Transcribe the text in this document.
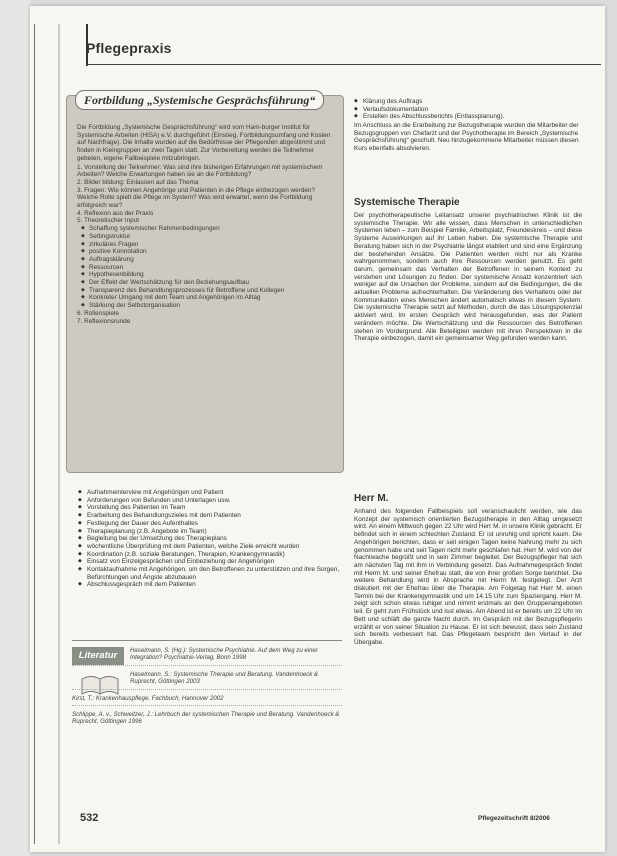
Pflegepraxis
Fortbildung „Systemische Gesprächsführung“

Die Fortbildung „Systemische Gesprächsführung“ wird vom Ham-burger Institut für Systemische Arbeiten (HISA) e.V. durchgeführt (Einstieg, Fortbildungsumfang und Kosten auf Nachfrage). Die Inhalte wurden auf die Bedürfnisse der Pflegenden abgestimmt und finden in Kleingruppen an zwei Tagen statt. Zur Vorbereitung werden die Teilnehmer gebeten, eigene Fallbeispiele mitzubringen.

1. Vorstellung der Teilnehmer: Was sind ihre bisherigen Erfahrungen mit systemischem Arbeiten? Welche Erwartungen haben sie an die Fortbildung?
2. Bilder bildung: Einlassen auf das Thema
3. Fragen: Wie können Angehörige und Patienten in die Pflege einbezogen werden? Welche Rolle spielt die Pflege im System? Was wird erwartet, wenn die Fortbildung erfolgreich war?
4. Reflexion aus der Praxis
5. Theoretischer Input
◆ Schaffung systemischer Rahmenbedingungen
◆ Settingstruktur
◆ zirkuläres Fragen
◆ positive Konnotation
◆ Auftragsklärung
◆ Ressourcen
◆ Hypothesenbildung
◆ Der Effekt der Wertschätzung für den Beziehungsaufbau
◆ Transparenz des Behandlungsprozesses für Betroffene und Kollegen
◆ Konkreter Umgang mit dem Team und Angehörigen im Alltag
◆ Stärkung der Selbstorganisation
6. Rollenspiele
7. Reflexionsrunde
◆ Aufnahmeinterview mit Angehörigen und Patient
◆ Anforderungen von Befunden und Unterlagen usw.
◆ Vorstellung des Patienten im Team
◆ Erarbeitung des Behandlungszieles mit dem Patienten
◆ Festlegung der Dauer des Aufenthaltes
◆ Therapieplanung (z.B. Angebote im Team)
◆ Begleitung bei der Umsetzung des Therapieplans
◆ wöchentliche Überprüfung mit dem Patienten, welche Ziele erreicht wurden
◆ Koordination (z.B. soziale Beratungen, Therapien, Krankengymnastik)
◆ Einsatz von Einzelgesprächen und Einbeziehung der Angehörigen
◆ Kontaktaufnahme mit Angehörigen, um den Betroffenen zu unterstützen und ihre Sorgen, Befürchtungen und Ängste abzubauen
◆ Abschlussgespräch mit dem Patienten
Literatur	Haselmann, S. (Hg.): Systemische Psychiatrie. Auf dem Weg zu einer Integration? Psychiatrie-Verlag, Bonn 1998
Haselmann, S.: Systemische Therapie und Beratung. Vandenhoeck & Ruprecht, Göttingen 2003
Kirst, T.: Krankenhauspflege. Fachbuch, Hannover 2002
Schlippe, A. v., Schweitzer, J.: Lehrbuch der systemischen Therapie und Beratung. Vandenhoeck & Ruprecht, Göttingen 1996
◆ Klärung des Auftrags
◆ Verlaufsdokumentation
◆ Erstellen des Abschlussberichts (Entlassplanung).

Im Anschluss an die Erarbeitung zur Bezugstherapie wurden die Mitarbeiter der Bezugsgruppen von Chefarzt und der Psychotherapie im Bereich „Systemische Gesprächsführung“ geschult. Neu hinzugekommene Mitarbeiter müssen diesen Kurs ebenfalls absolvieren.

Systemische Therapie

Der psychotherapeutische Leitansatz unserer psychiatrischen Klinik ist die systemische Therapie. Wir alle wissen, dass Menschen in unterschiedlichen Systemen leben – zum Beispiel Familie, Arbeitsplatz, Freundeskreis – und diese Systeme Auswirkungen auf ihr Leben haben. Die systemische Therapie und Beratung haben sich in der Psychiatrie längst etabliert und sind eine Ergänzung der bestehenden Ansätze. Die Patienten werden nicht nur als Kranke wahrgenommen, sondern auch ihre Ressourcen werden genutzt. Es geht darum, gemeinsam das Verhalten der Betroffenen in seinem Kontext zu verstehen und Lösungen zu finden. Der systemische Ansatz konzentriert sich weniger auf die Ursachen der Probleme, sondern auf die Bedingungen, die die aktuellen Probleme aufrechterhalten. Die Veränderung des Verhaltens oder der Kommunikation eines Menschen ändert automatisch etwas in diesem System. Die systemische Therapie setzt auf Methoden, durch die das Lösungspotenzial aktiviert wird. Im ersten Gespräch wird herausgefunden, was der Patient verändern möchte. Die Wertschätzung und die Ressourcen des Betroffenen stehen im Vordergrund. Alle Beteiligten werden mit ihren Perspektiven in die Therapie einbezogen, damit ein gemeinsamer Weg gefunden werden kann.

Herr M.

Anhand des folgenden Fallbeispiels soll veranschaulicht werden, wie das Konzept der systemisch orientierten Bezugstherapie in den Alltag umgesetzt wird. An einem Mittwoch gegen 22 Uhr wird Herr M. in unsere Klinik gebracht. Er befindet sich in einem schlechten Zustand. Er ist unruhig und spricht kaum. Die Angehörigen berichten, dass er seit einigen Tagen keine Nahrung mehr zu sich genommen habe und seit Tagen nicht mehr geschlafen hat. Herr M. wird von der Nachtwache begrüßt und in sein Zimmer begleitet. Der Bezugspfleger hat sich am nächsten Tag mit ihm in Verbindung gesetzt. Das Aufnahmegespräch findet mit Herrn M. und seiner Ehefrau statt, die von ihrer großen Sorge berichtet. Die weitere Behandlung wird in Absprache mit Herrn M. festgelegt. Der Arzt diskutiert mit der Ehefrau über die Therapie. Am Folgetag hat Herr M. einen Termin bei der Krankengymnastik und um 14.15 Uhr zum Spaziergang. Herr M. zeigt sich schon etwas ruhiger und nimmt erstmals an den Gruppenangeboten teil. Er geht zum Frühstück und isst etwas. Am Abend ist er bereits um 22 Uhr im Bett und schläft die ganze Nacht durch. Im Gespräch mit der Bezugspflegerin erzählt er von seiner Situation zu Hause. Er ist sich bewusst, dass sein Zustand sich bereits verbessert hat. Das Pflegeteam bespricht den Verlauf in der Übergabe.

532	Pflegezeitschrift 8/2006
